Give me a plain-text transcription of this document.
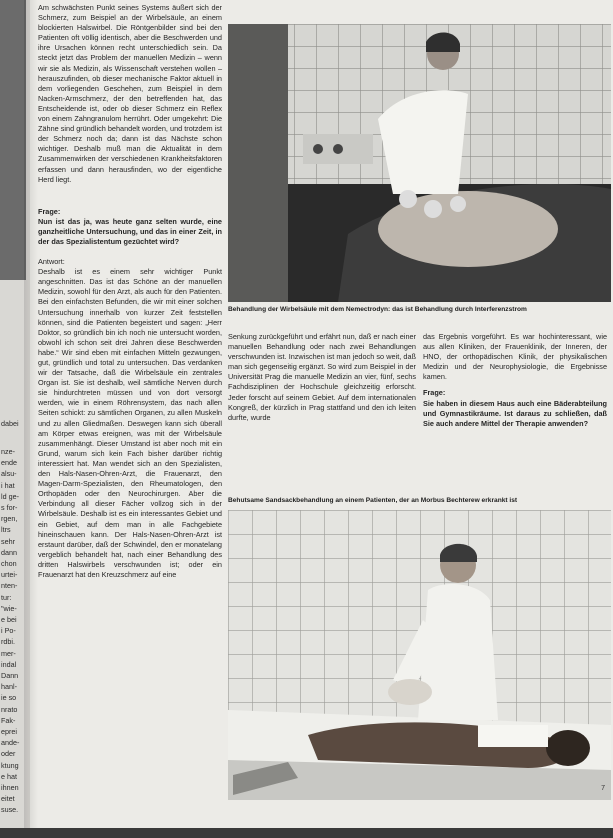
dabei
nze-
ende
alsu-
i hat
ld ge-
s for-
rgen,
ltrs
sehr
dann
chon
urtei-
nten-
tur:
"wie-
e bei
i Po-
rdbi.
mer-
indal
Dann
hanl-
ie so
nrato
Fak-
eprei
ande-
oder
ktung
e hat
ihnen
eitet
suse.

Am schwächsten Punkt seines Systems äußert sich der Schmerz, zum Beispiel an der Wirbelsäule, an einem blockierten Halswirbel. Die Röntgenbilder sind bei den Patienten oft völlig identisch, aber die Beschwerden und ihre Ursachen können recht unterschiedlich sein. Da steckt jetzt das Problem der manuellen Medizin – wenn wir sie als Medizin, als Wissenschaft verstehen wollen – herauszufinden, ob dieser mechanische Faktor aktuell in dem vorliegenden Geschehen, zum Beispiel in dem Nacken-Armschmerz, der den betreffenden hat, das Entscheidende ist, oder ob dieser Schmerz ein Reflex von einem Zahngranulom herrührt. Oder umgekehrt: Die Zähne sind gründlich behandelt worden, und trotzdem ist der Schmerz noch da; dann ist das Nächste schon wichtiger. Deshalb muß man die Aktualität in dem Zusammenwirken der verschiedenen Krankheitsfaktoren erfassen und dann herausfinden, wo der eigentliche Herd liegt.

Frage:

Nun ist das ja, was heute ganz selten wurde, eine ganzheitliche Untersuchung, und das in einer Zeit, in der das Spezialistentum gezüchtet wird?

Antwort:

Deshalb ist es einem sehr wichtiger Punkt angeschnitten. Das ist das Schöne an der manuellen Medizin, sowohl für den Arzt, als auch für den Patienten. Bei den einfachsten Befunden, die wir mit einer solchen Untersuchung innerhalb von kurzer Zeit feststellen können, sind die Patienten begeistert und sagen: „Herr Doktor, so gründlich bin ich noch nie untersucht worden, obwohl ich schon seit drei Jahren diese Beschwerden habe.“ Wir sind eben mit einfachen Mitteln gezwungen, gut, gründlich und total zu untersuchen. Das verdanken wir der Tatsache, daß die Wirbelsäule ein zentrales Organ ist. Sie ist deshalb, weil sämtliche Nerven durch sie hindurchtreten müssen und von dort versorgt werden, wie in einem Röhrensystem, das nach allen Seiten schickt: zu sämtlichen Organen, zu allen Muskeln und zu allen Gliedmaßen. Deswegen kann sich überall am Körper etwas ereignen, was mit der Wirbelsäule zusammenhängt. Dieser Umstand ist aber noch mit ein Grund, warum sich kein Fach bisher darüber richtig interessiert hat. Man wendet sich an den Spezialisten, den Hals-Nasen-Ohren-Arzt, die Frauenarzt, den Magen-Darm-Spezialisten, den Rheumatologen, den Orthopäden oder den Neurochirurgen. Aber die Verbindung all dieser Fächer vollzog sich in der Wirbelsäule. Deshalb ist es ein interessantes Gebiet und ein Gebiet, auf dem man in alle Fachgebiete hineinschauen kann. Der Hals-Nasen-Ohren-Arzt ist erstaunt darüber, daß der Schwindel, den er monatelang vergeblich behandelt hat, nach einer Behandlung des dritten Halswirbels verschwunden ist; oder ein Frauenarzt hat den Kreuzschmerz auf eine

Behandlung der Wirbelsäule mit dem Nemectrodyn: das ist Behandlung durch Interferenzstrom

Senkung zurückgeführt und erfährt nun, daß er nach einer manuellen Behandlung oder nach zwei Behandlungen verschwunden ist. Inzwischen ist man jedoch so weit, daß man sich gegenseitig ergänzt. So wird zum Beispiel in der Universität Prag die manuelle Medizin an vier, fünf, sechs Fachdisziplinen der Hochschule gleichzeitig erforscht. Jeder forscht auf seinem Gebiet. Auf dem internationalen Kongreß, der kürzlich in Prag stattfand und den ich leiten durfte, wurde

das Ergebnis vorgeführt. Es war hochinteressant, wie aus allen Kliniken, der Frauenklinik, der Inneren, der HNO, der orthopädischen Klinik, der physikalischen Medizin und der Neurophysiologie, die Ergebnisse kamen.

Frage:

Sie haben in diesem Haus auch eine Bäderabteilung und Gymnastikräume. Ist daraus zu schließen, daß Sie auch andere Mittel der Therapie anwenden?

Behutsame Sandsackbehandlung an einem Patienten, der an Morbus Bechterew erkrankt ist
7
